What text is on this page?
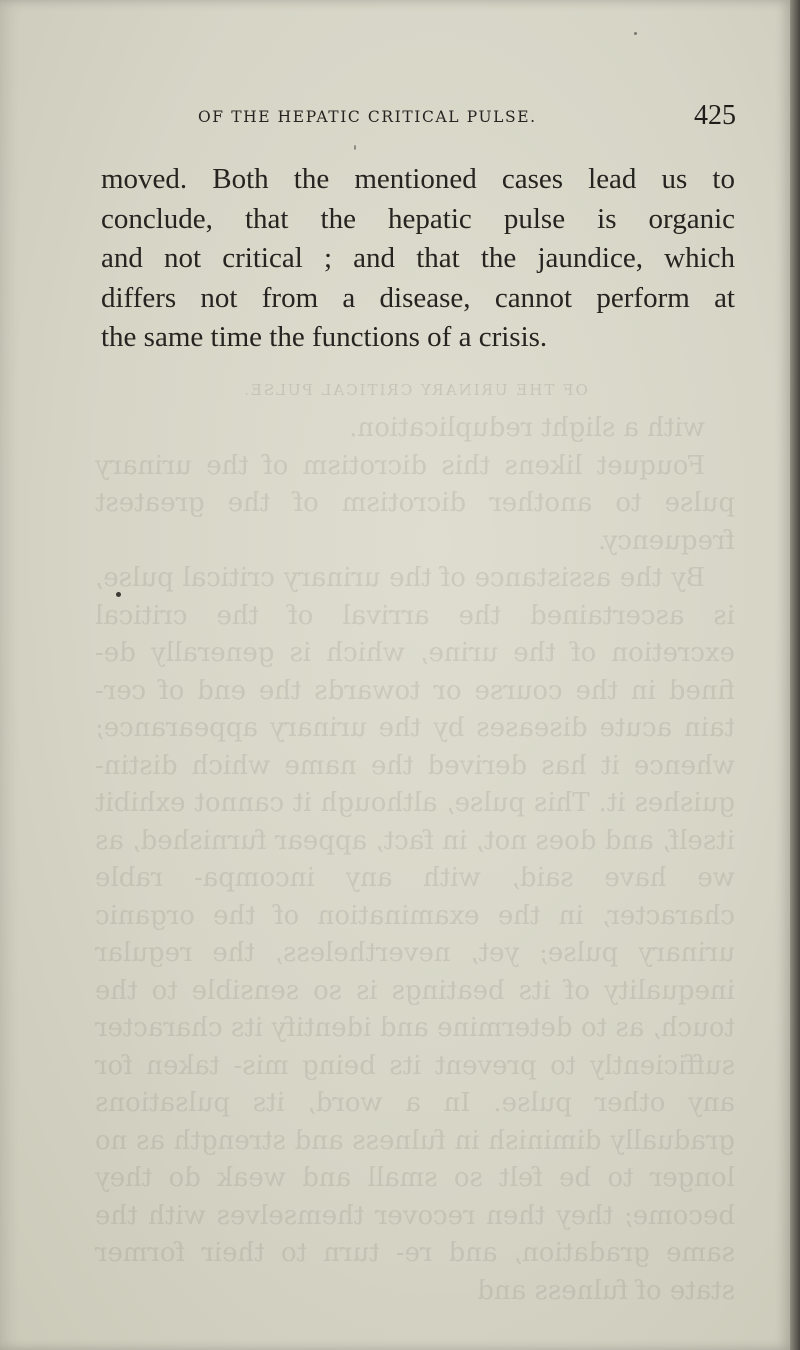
OF THE URINARY CRITICAL PULSE.

with a slight reduplication.

Fouquet likens this dicrotism of the urinary pulse to another dicrotism of the greatest frequency.

By the assistance of the urinary critical pulse, is ascertained the arrival of the critical excretion of the urine, which is generally de- fined in the course or towards the end of cer- tain acute diseases by the urinary appearance; whence it has derived the name which distin- guishes it. This pulse, although it cannot exhibit itself, and does not, in fact, appear furnished, as we have said, with any incompa- rable character, in the examination of the organic urinary pulse; yet, nevertheless, the regular inequality of its beatings is so sensible to the touch, as to determine and identify its character sufficiently to prevent its being mis- taken for any other pulse. In a word, its pulsations gradually diminish in fulness and strength as no longer to be felt so small and weak do they become; they then recover themselves with the same gradation, and re- turn to their former state of fulness and

OF THE HEPATIC CRITICAL PULSE.	425
moved. Both the mentioned cases lead us to
conclude, that the hepatic pulse is organic
and not critical ; and that the jaundice, which
differs not from a disease, cannot perform at
the same time the functions of a crisis.
